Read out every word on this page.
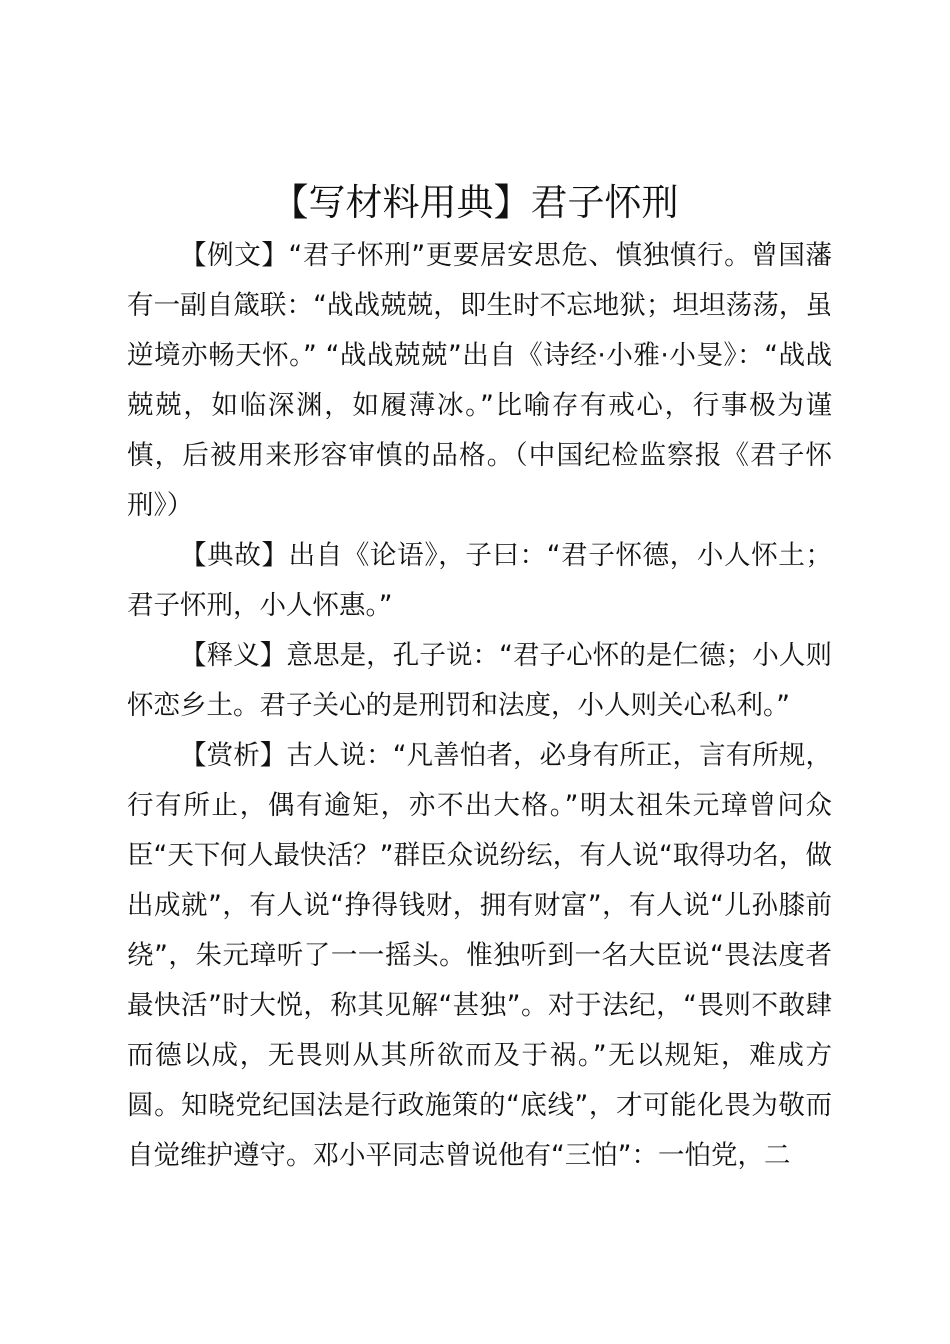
【写材料用典】君子怀刑

【例文】“君子怀刑”更要居安思危、慎独慎行。曾国藩有一副自箴联：“战战兢兢，即生时不忘地狱；坦坦荡荡，虽逆境亦畅天怀。” “战战兢兢”出自《诗经·小雅·小旻》：“战战兢兢，如临深渊，如履薄冰。”比喻存有戒心，行事极为谨慎，后被用来形容审慎的品格。（中国纪检监察报《君子怀刑》）

【典故】出自《论语》，子曰：“君子怀德，小人怀土；君子怀刑，小人怀惠。”

【释义】意思是，孔子说：“君子心怀的是仁德；小人则怀恋乡土。君子关心的是刑罚和法度，小人则关心私利。”

【赏析】古人说：“凡善怕者，必身有所正，言有所规，行有所止，偶有逾矩，亦不出大格。”明太祖朱元璋曾问众臣“天下何人最快活？”群臣众说纷纭，有人说“取得功名，做出成就”，有人说“挣得钱财，拥有财富”，有人说“儿孙膝前绕”，朱元璋听了一一摇头。惟独听到一名大臣说“畏法度者最快活”时大悦，称其见解“甚独”。对于法纪，“畏则不敢肆而德以成，无畏则从其所欲而及于祸。”无以规矩，难成方圆。知晓党纪国法是行政施策的“底线”，才可能化畏为敬而自觉维护遵守。邓小平同志曾说他有“三怕”：一怕党，二
